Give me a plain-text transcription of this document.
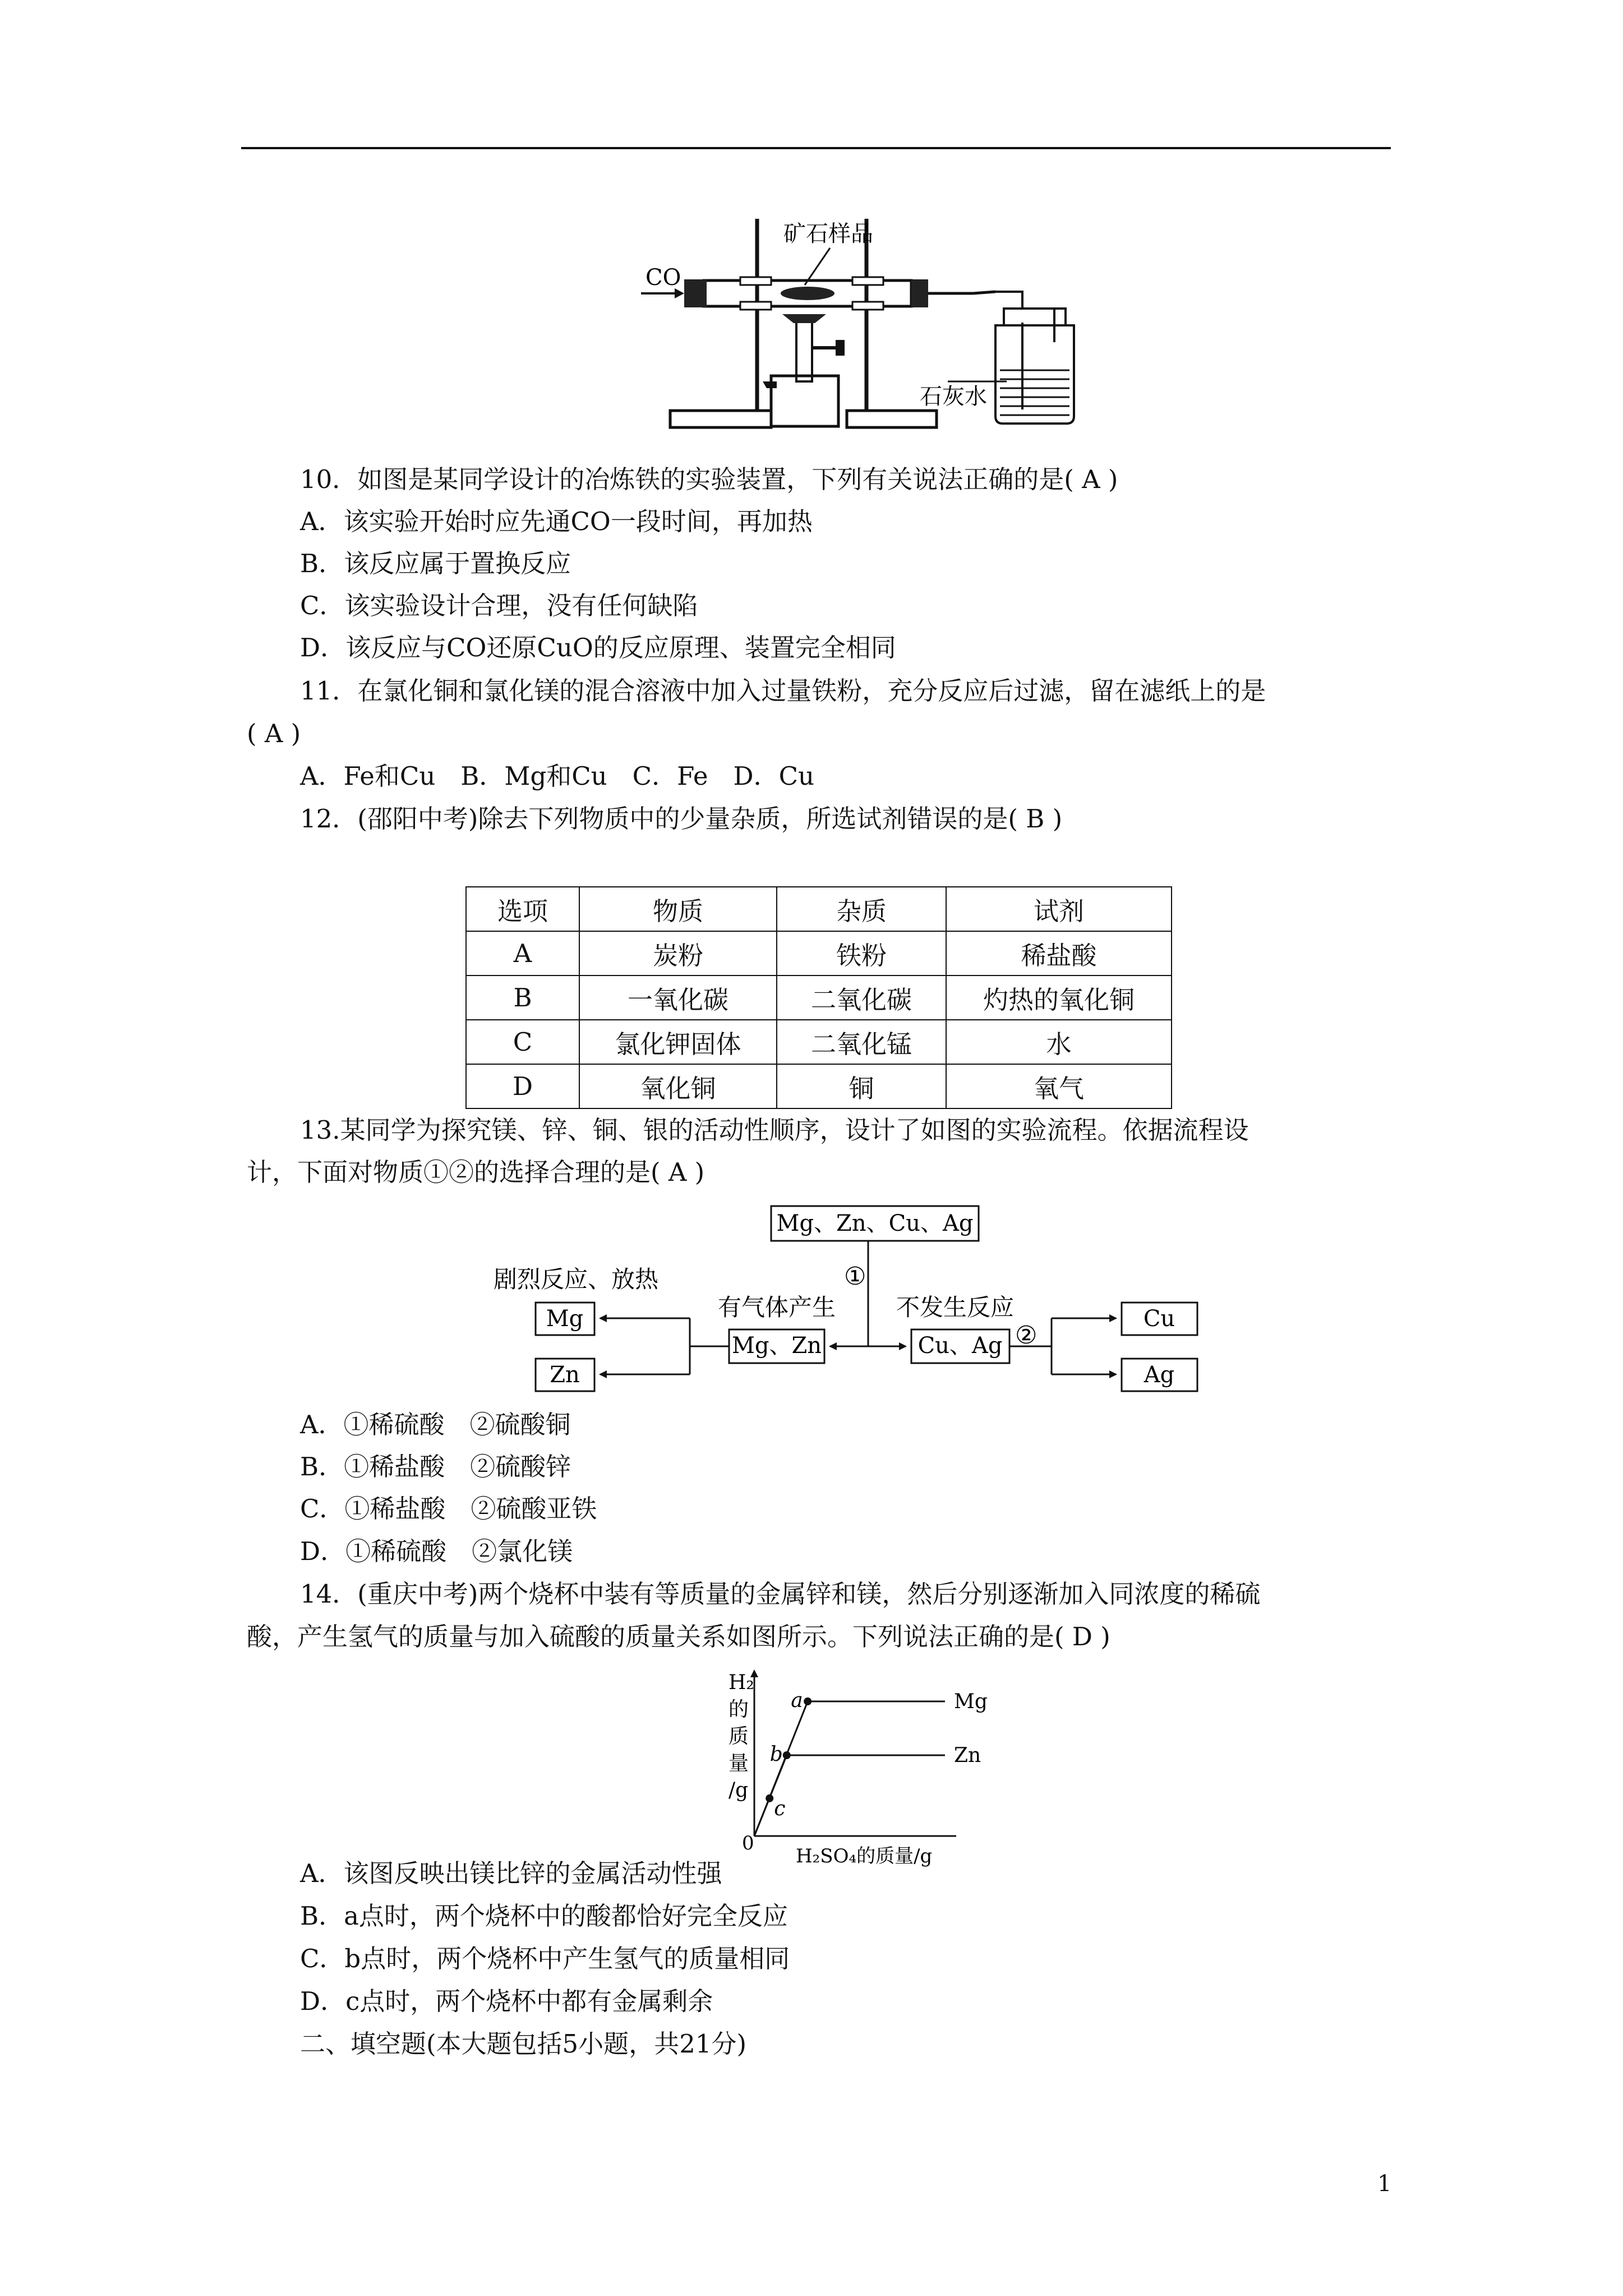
CO
矿石样品
石灰水
10．如图是某同学设计的冶炼铁的实验装置，下列有关说法正确的是( A )
A．该实验开始时应先通CO一段时间，再加热
B．该反应属于置换反应
C．该实验设计合理，没有任何缺陷
D．该反应与CO还原CuO的反应原理、装置完全相同
11．在氯化铜和氯化镁的混合溶液中加入过量铁粉，充分反应后过滤，留在滤纸上的是
( A )
A．Fe和Cu　B．Mg和Cu　C．Fe　D．Cu
12．(邵阳中考)除去下列物质中的少量杂质，所选试剂错误的是( B )
选项	物质	杂质	试剂
A	炭粉	铁粉	稀盐酸
B	一氧化碳	二氧化碳	灼热的氧化铜
C	氯化钾固体	二氧化锰	水
D	氧化铜	铜	氧气
13.某同学为探究镁、锌、铜、银的活动性顺序，设计了如图的实验流程。依据流程设
计，下面对物质①②的选择合理的是( A )
Mg、Zn、Cu、Ag
①
Mg、Zn
有气体产生
剧烈反应、放热
Mg
Zn
Cu、Ag
不发生反应
②
Cu
Ag
A．①稀硫酸　②硫酸铜
B．①稀盐酸　②硫酸锌
C．①稀盐酸　②硫酸亚铁
D．①稀硫酸　②氯化镁
14．(重庆中考)两个烧杯中装有等质量的金属锌和镁，然后分别逐渐加入同浓度的稀硫
酸，产生氢气的质量与加入硫酸的质量关系如图所示。下列说法正确的是( D )
H₂ 的 质 量 /g
0
H₂SO₄的质量/g
Mg
Zn
a
b
c
A．该图反映出镁比锌的金属活动性强
B．a点时，两个烧杯中的酸都恰好完全反应
C．b点时，两个烧杯中产生氢气的质量相同
D．c点时，两个烧杯中都有金属剩余
二、填空题(本大题包括5小题，共21分)
1
